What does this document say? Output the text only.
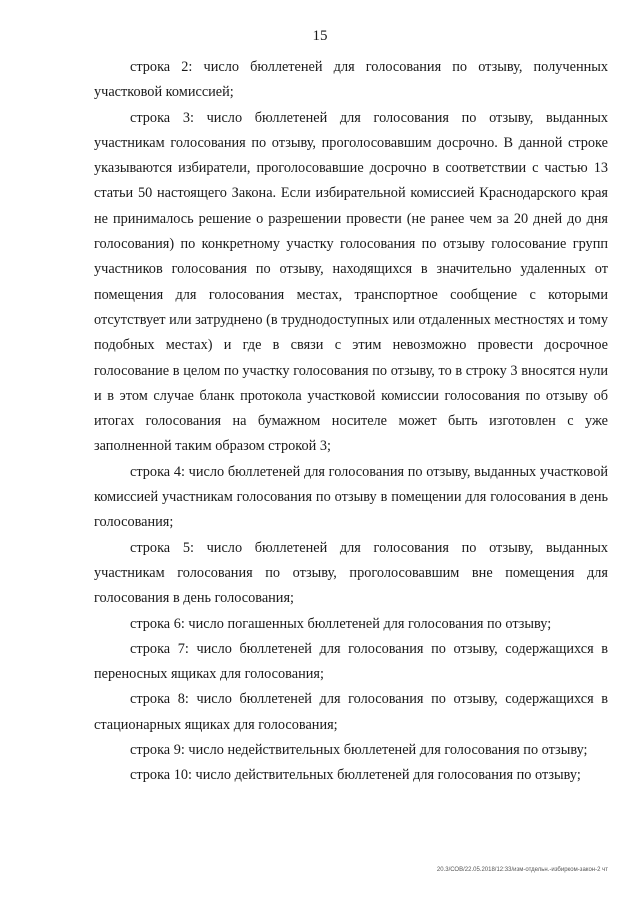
15

строка 2: число бюллетеней для голосования по отзыву, полученных участковой комиссией;

строка 3: число бюллетеней для голосования по отзыву, выданных участникам голосования по отзыву, проголосовавшим досрочно. В данной строке указываются избиратели, проголосовавшие досрочно в соответствии с частью 13 статьи 50 настоящего Закона. Если избирательной комиссией Краснодарского края не принималось решение о разрешении провести (не ранее чем за 20 дней до дня голосования) по конкретному участку голосования по отзыву голосование групп участников голосования по отзыву, находящихся в значительно удаленных от помещения для голосования местах, транспортное сообщение с которыми отсутствует или затруднено (в труднодоступных или отдаленных местностях и тому подобных местах) и где в связи с этим невозможно провести досрочное голосование в целом по участку голосования по отзыву, то в строку 3 вносятся нули и в этом случае бланк протокола участковой комиссии голосования по отзыву об итогах голосования на бумажном носителе может быть изготовлен с уже заполненной таким образом строкой 3;

строка 4: число бюллетеней для голосования по отзыву, выданных участковой комиссией участникам голосования по отзыву в помещении для голосования в день голосования;

строка 5: число бюллетеней для голосования по отзыву, выданных участникам голосования по отзыву, проголосовавшим вне помещения для голосования в день голосования;

строка 6: число погашенных бюллетеней для голосования по отзыву;

строка 7: число бюллетеней для голосования по отзыву, содержащихся в переносных ящиках для голосования;

строка 8: число бюллетеней для голосования по отзыву, содержащихся в стационарных ящиках для голосования;

строка 9: число недействительных бюллетеней для голосования по отзыву;

строка 10: число действительных бюллетеней для голосования по отзыву;

20.3/СОВ/22.05.2018/12:33/изм-отдельн.-избирком-закон-2 чт
